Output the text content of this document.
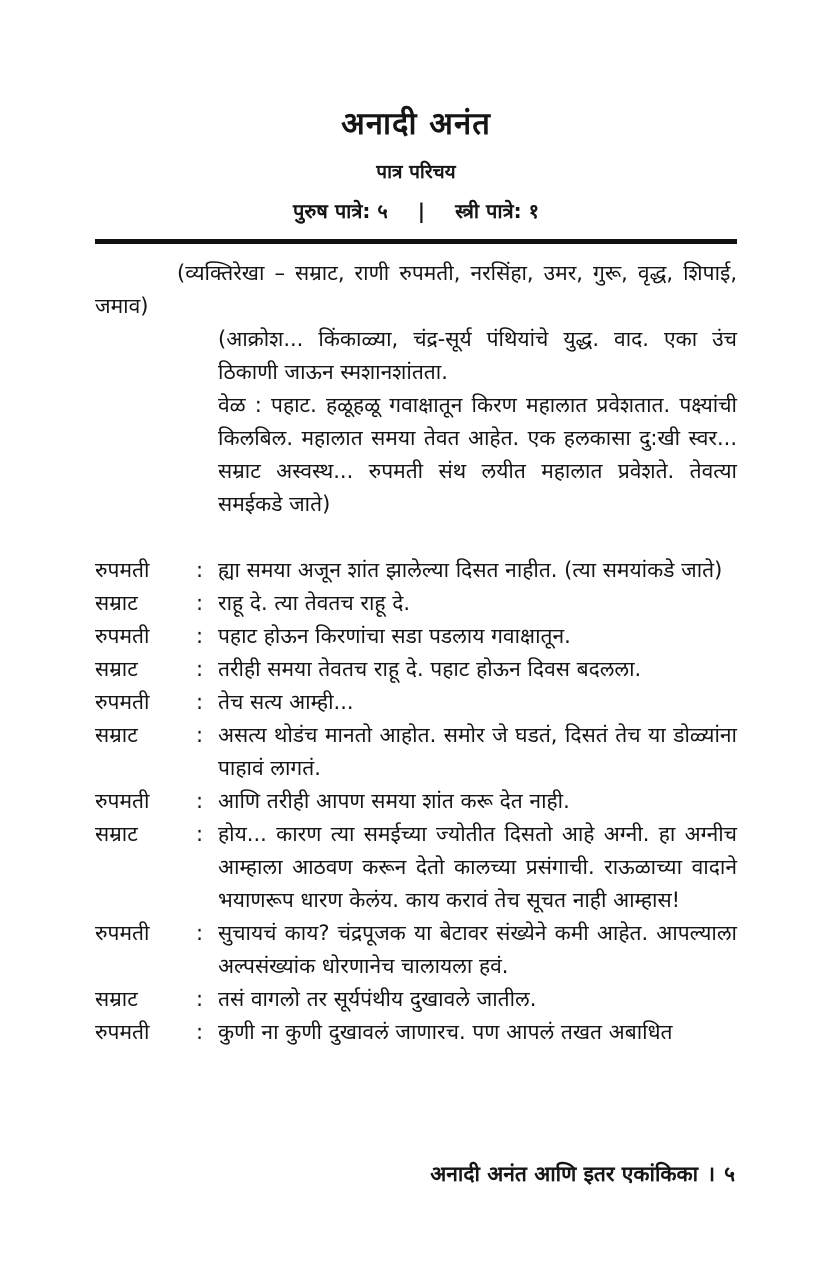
अनादी अनंत
पात्र परिचय
पुरुष पात्रे: ५ | स्त्री पात्रे: १

(व्यक्तिरेखा – सम्राट, राणी रुपमती, नरसिंहा, उमर, गुरू, वृद्ध, शिपाई, जमाव)

(आक्रोश... किंकाळ्या, चंद्र-सूर्य पंथियांचे युद्ध. वाद. एका उंच ठिकाणी जाऊन स्मशानशांतता.

वेळ : पहाट. हळूहळू गवाक्षातून किरण महालात प्रवेशतात. पक्ष्यांची किलबिल. महालात समया तेवत आहेत. एक हलकासा दु:खी स्वर... सम्राट अस्वस्थ... रुपमती संथ लयीत महालात प्रवेशते. तेवत्या समईकडे जाते)

रुपमती	: ह्या समया अजून शांत झालेल्या दिसत नाहीत. (त्या समयांकडे जाते)
सम्राट	: राहू दे. त्या तेवतच राहू दे.
रुपमती	: पहाट होऊन किरणांचा सडा पडलाय गवाक्षातून.
सम्राट	: तरीही समया तेवतच राहू दे. पहाट होऊन दिवस बदलला.
रुपमती	: तेच सत्य आम्ही...
सम्राट	: असत्य थोडंच मानतो आहोत. समोर जे घडतं, दिसतं तेच या डोळ्यांना पाहावं लागतं.
रुपमती	: आणि तरीही आपण समया शांत करू देत नाही.
सम्राट	: होय... कारण त्या समईच्या ज्योतीत दिसतो आहे अग्नी. हा अग्नीच आम्हाला आठवण करून देतो कालच्या प्रसंगाची. राऊळाच्या वादाने भयाणरूप धारण केलंय. काय करावं तेच सूचत नाही आम्हास!
रुपमती	: सुचायचं काय? चंद्रपूजक या बेटावर संख्येने कमी आहेत. आपल्याला अल्पसंख्यांक धोरणानेच चालायला हवं.
सम्राट	: तसं वागलो तर सूर्यपंथीय दुखावले जातील.
रुपमती	: कुणी ना कुणी दुखावलं जाणारच. पण आपलं तखत अबाधित
अनादी अनंत आणि इतर एकांकिका । ५
